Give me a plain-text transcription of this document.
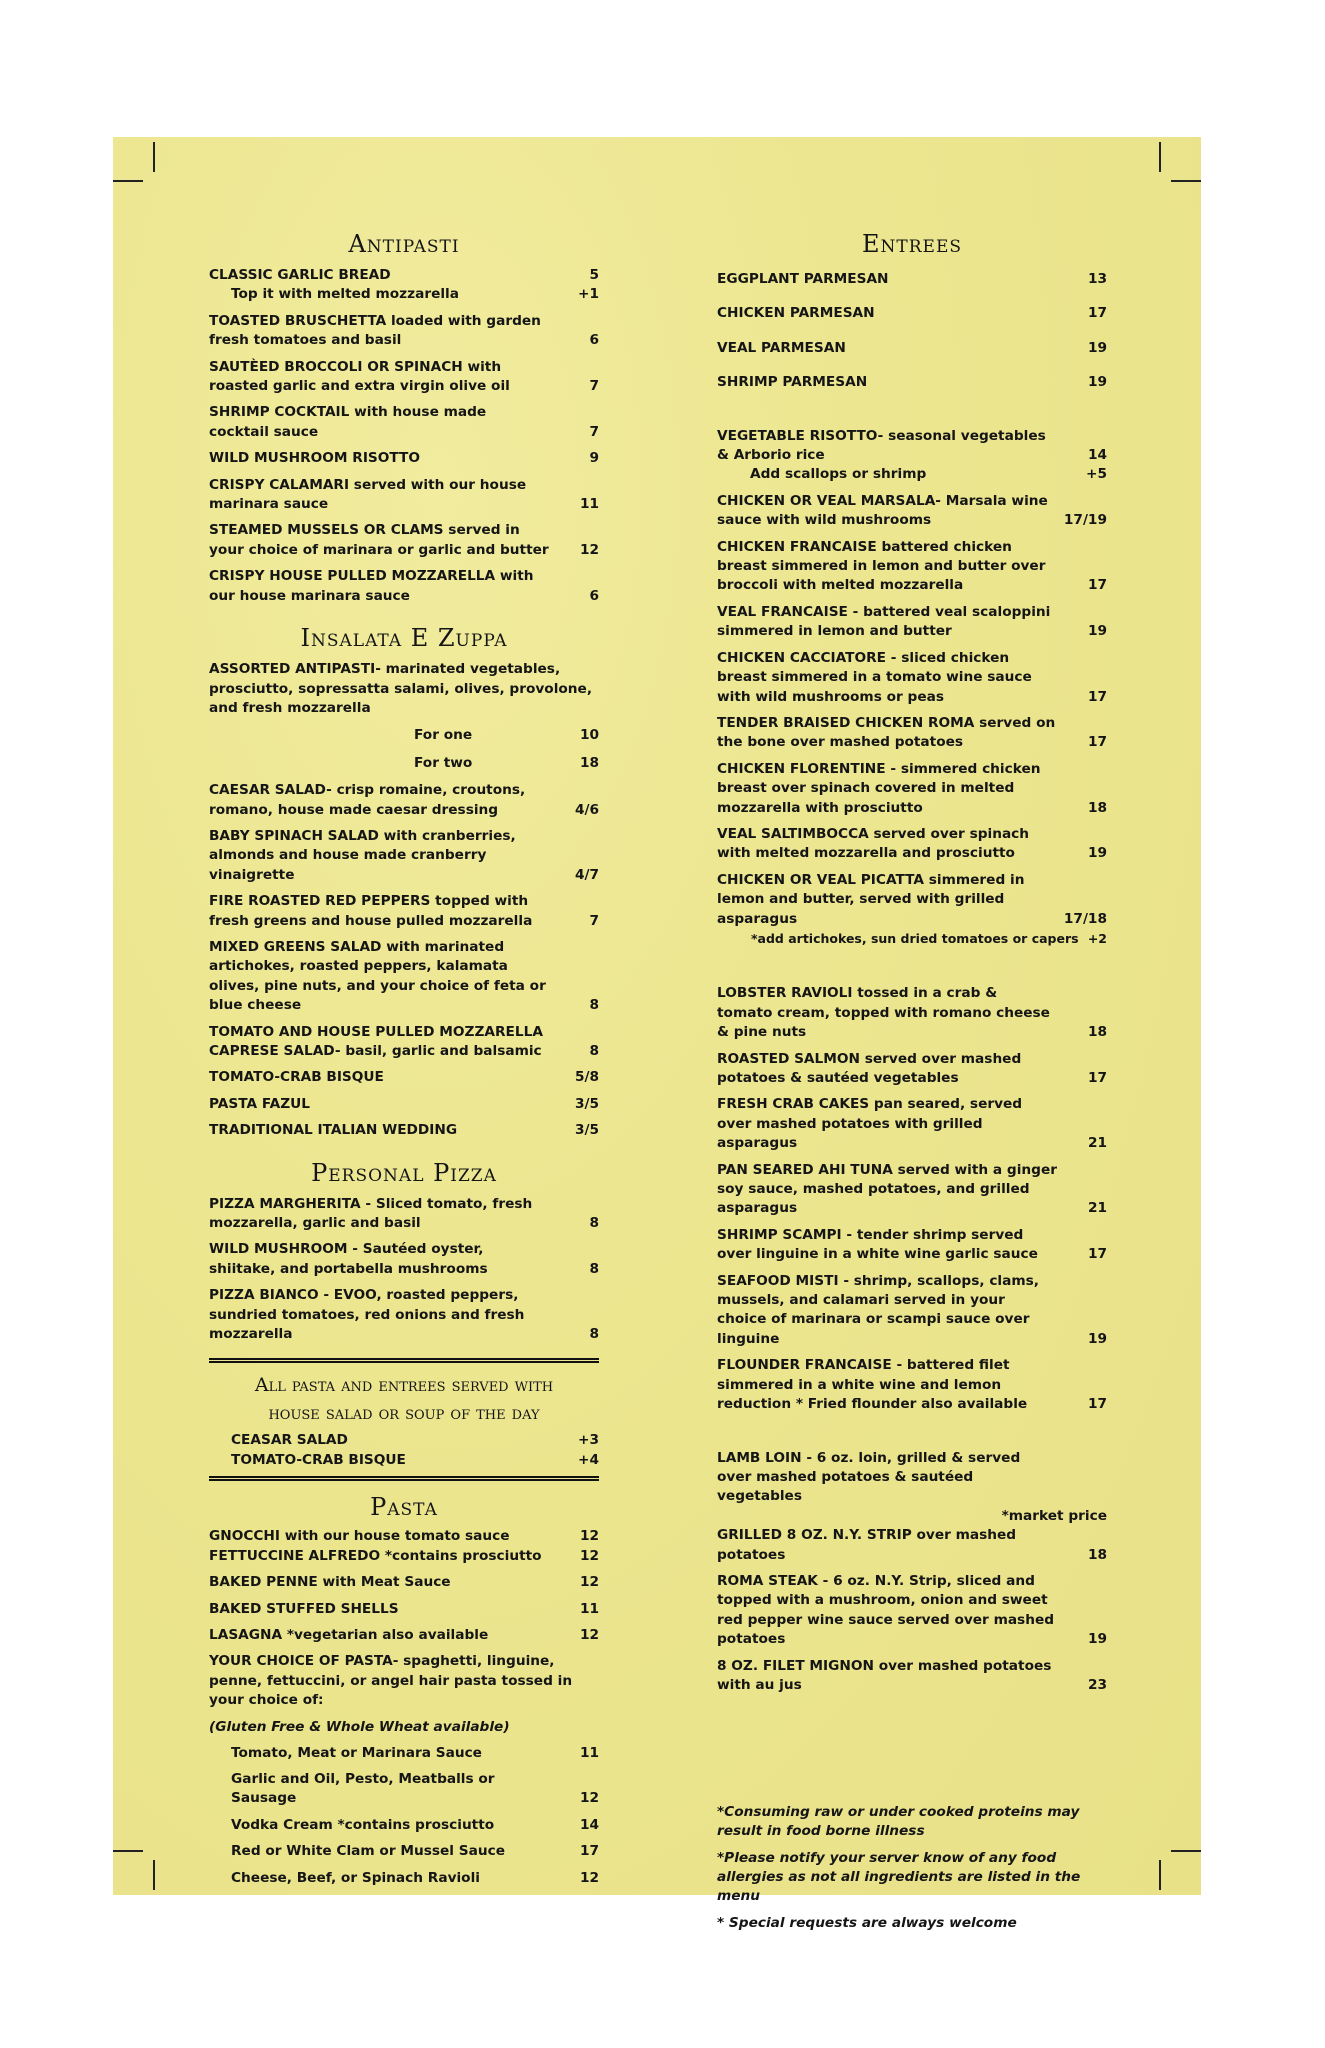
Antipasti
CLASSIC GARLIC BREAD	5
Top it with melted mozzarella	+1
TOASTED BRUSCHETTA loaded with garden fresh tomatoes and basil	6
SAUTÈED BROCCOLI OR SPINACH with roasted garlic and extra virgin olive oil	7
SHRIMP COCKTAIL with house made cocktail sauce	7
WILD MUSHROOM RISOTTO	9
CRISPY CALAMARI served with our house marinara sauce	11
STEAMED MUSSELS OR CLAMS served in your choice of marinara or garlic and butter 12
CRISPY HOUSE PULLED MOZZARELLA with our house marinara sauce	6
Insalata E Zuppa
ASSORTED ANTIPASTI- marinated vegetables, prosciutto, sopressatta salami, olives, provolone, and fresh mozzarella
For one	10
For two	18
CAESAR SALAD- crisp romaine, croutons, romano, house made caesar dressing	4/6
BABY SPINACH SALAD with cranberries, almonds and house made cranberry vinaigrette	4/7
FIRE ROASTED RED PEPPERS topped with fresh greens and house pulled mozzarella	7
MIXED GREENS SALAD with marinated artichokes, roasted peppers, kalamata olives, pine nuts, and your choice of feta or blue cheese	8
TOMATO AND HOUSE PULLED MOZZARELLA CAPRESE SALAD- basil, garlic and balsamic	8
TOMATO-CRAB BISQUE	5/8
PASTA FAZUL	3/5
TRADITIONAL ITALIAN WEDDING	3/5
Personal Pizza
PIZZA MARGHERITA - Sliced tomato, fresh mozzarella, garlic and basil	8
WILD MUSHROOM - Sautéed oyster, shiitake, and portabella mushrooms	8
PIZZA BIANCO - EVOO, roasted peppers, sundried tomatoes, red onions and fresh mozzarella	8
All pasta and entrees served with
house salad or soup of the day
CEASAR SALAD	+3
TOMATO-CRAB BISQUE	+4
Pasta
GNOCCHI with our house tomato sauce	12
FETTUCCINE ALFREDO *contains prosciutto	12
BAKED PENNE with Meat Sauce	12
BAKED STUFFED SHELLS	11
LASAGNA *vegetarian also available	12
YOUR CHOICE OF PASTA- spaghetti, linguine, penne, fettuccini, or angel hair pasta tossed in your choice of:
(Gluten Free & Whole Wheat available)
Tomato, Meat or Marinara Sauce	11
Garlic and Oil, Pesto, Meatballs or Sausage	12
Vodka Cream *contains prosciutto	14
Red or White Clam or Mussel Sauce	17
Cheese, Beef, or Spinach Ravioli	12
Entrees
EGGPLANT PARMESAN	13
CHICKEN PARMESAN	17
VEAL PARMESAN	19
SHRIMP PARMESAN	19
VEGETABLE RISOTTO- seasonal vegetables & Arborio rice	14
Add scallops or shrimp	+5
CHICKEN OR VEAL MARSALA- Marsala wine sauce with wild mushrooms	17/19
CHICKEN FRANCAISE battered chicken breast simmered in lemon and butter over broccoli with melted mozzarella	17
VEAL FRANCAISE - battered veal scaloppini simmered in lemon and butter	19
CHICKEN CACCIATORE - sliced chicken breast simmered in a tomato wine sauce with wild mushrooms or peas	17
TENDER BRAISED CHICKEN ROMA served on the bone over mashed potatoes	17
CHICKEN FLORENTINE - simmered chicken breast over spinach covered in melted mozzarella with prosciutto	18
VEAL SALTIMBOCCA served over spinach with melted mozzarella and prosciutto	19
CHICKEN OR VEAL PICATTA simmered in lemon and butter, served with grilled asparagus	17/18
*add artichokes, sun dried tomatoes or capers +2
LOBSTER RAVIOLI tossed in a crab & tomato cream, topped with romano cheese & pine nuts	18
ROASTED SALMON served over mashed potatoes & sautéed vegetables	17
FRESH CRAB CAKES pan seared, served over mashed potatoes with grilled asparagus	21
PAN SEARED AHI TUNA served with a ginger soy sauce, mashed potatoes, and grilled asparagus	21
SHRIMP SCAMPI - tender shrimp served over linguine in a white wine garlic sauce	17
SEAFOOD MISTI - shrimp, scallops, clams, mussels, and calamari served in your choice of marinara or scampi sauce over linguine	19
FLOUNDER FRANCAISE - battered filet simmered in a white wine and lemon reduction * Fried flounder also available	17
LAMB LOIN - 6 oz. loin, grilled & served over mashed potatoes & sautéed vegetables
*market price
GRILLED 8 OZ. N.Y. STRIP over mashed potatoes	18
ROMA STEAK - 6 oz. N.Y. Strip, sliced and topped with a mushroom, onion and sweet red pepper wine sauce served over mashed potatoes	19
8 OZ. FILET MIGNON over mashed potatoes with au jus	23
*Consuming raw or under cooked proteins may result in food borne illness
*Please notify your server know of any food allergies as not all ingredients are listed in the menu
* Special requests are always welcome
